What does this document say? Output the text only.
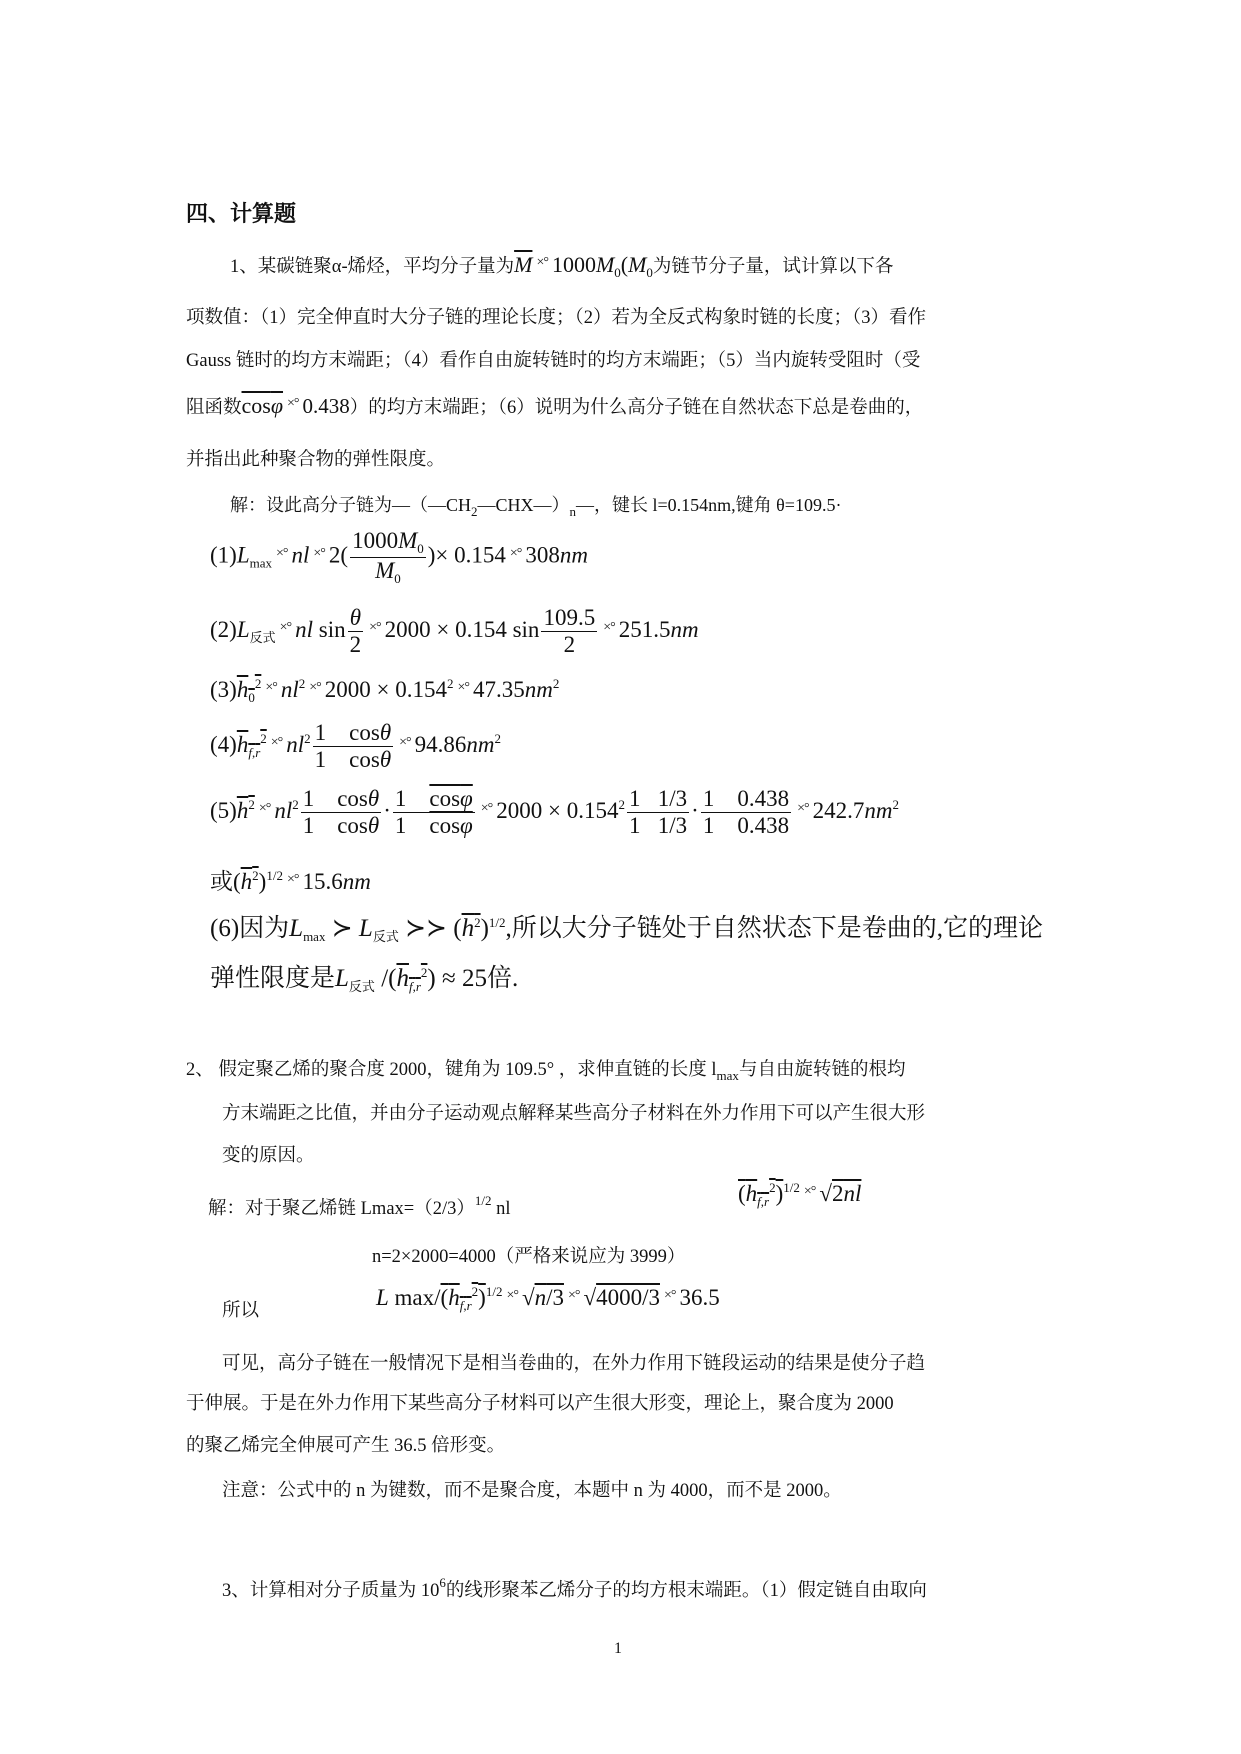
四、计算题
1、某碳链聚α-烯烃，平均分子量为$\overline{M}$ ×° $1000M_0(M_0$为链节分子量，试计算以下各
项数值：（1）完全伸直时大分子链的理论长度；（2）若为全反式构象时链的长度；（3）看作
Gauss 链时的均方末端距；（4）看作自由旋转链时的均方末端距；（5）当内旋转受阻时（受
阻函数cosφ ×° 0.438）的均方末端距；（6）说明为什么高分子链在自然状态下总是卷曲的，
并指出此种聚合物的弹性限度。
解：设此高分子链为$—(—CH_2—CHX—)_n—$，键长 l=0.154nm,键角 θ=109.5·
$(1)L_{max}^{\times^\circ}$ nl ×° $2( \frac{1000M_0}{M_0}$ )× 0.154 ×° 308nm
$(2)L_{反式}^{\times^\circ}$ nl $\sin \frac{\theta}{2} ^{\times^\circ}$ 2000 × 0.154 $\sin \frac{109.5}{2} ^{\times^\circ}$ 251.5nm
$(3)h_0^2$ ×° $nl^2$ ×° $2000 \times 0.154^2$ ×° $47.35nm^2$
$(4)h_{f,r}^2$ ×° $nl^2 \frac{1 \cos\theta}{1 \cos\theta} ^{\times^\circ}$ $94.86nm^2$
$(5)h^2$ ×° $nl^2 \frac{1 \cos\theta}{1 \cos\theta} \cdot \frac{1 \cos\varphi}{1 \cos\varphi} ^{\times^\circ}$ $2000 \times 0.154^2 \frac{1 1/3}{1 1/3} \cdot \frac{1 0.438}{1 0.438} ^{\times^\circ}$ $242.7nm^2$
或$(h^2)^{1/2}$ ×° 15.6nm
(6)因为$L_{max}$ ≻ $L_{反式}$ ≻≻ $(h^2)^{1/2}$,所以大分子链处于自然状态下是卷曲的,它的理论
弹性限度是$L_{反式}$ $/(h_{f,r}^2) \approx 25$倍.
2、 假定聚乙烯的聚合度 2000，键角为 109.5° ，求伸直链的长度 $l_{max}$与自由旋转链的根均
方末端距之比值，并由分子运动观点解释某些高分子材料在外力作用下可以产生很大形
变的原因。
解：对于聚乙烯链 $Lmax=(2/3)^{1/2}$ nl
$(h_{f,r}^2)^{1/2}$ ×° √2nl
n=2×2000=4000（严格来说应为 3999）
所以
L $\max/(h_{f,r}^2)^{1/2}$ ×° √n/3 ×° √4000/3 ×° 36.5
可见，高分子链在一般情况下是相当卷曲的，在外力作用下链段运动的结果是使分子趋
于伸展。于是在外力作用下某些高分子材料可以产生很大形变，理论上，聚合度为 2000
的聚乙烯完全伸展可产生 36.5 倍形变。
注意：公式中的 n 为键数，而不是聚合度，本题中 n 为 4000，而不是 2000。
3、计算相对分子质量为 $10^6$的线形聚苯乙烯分子的均方根末端距。（1）假定链自由取向
1
